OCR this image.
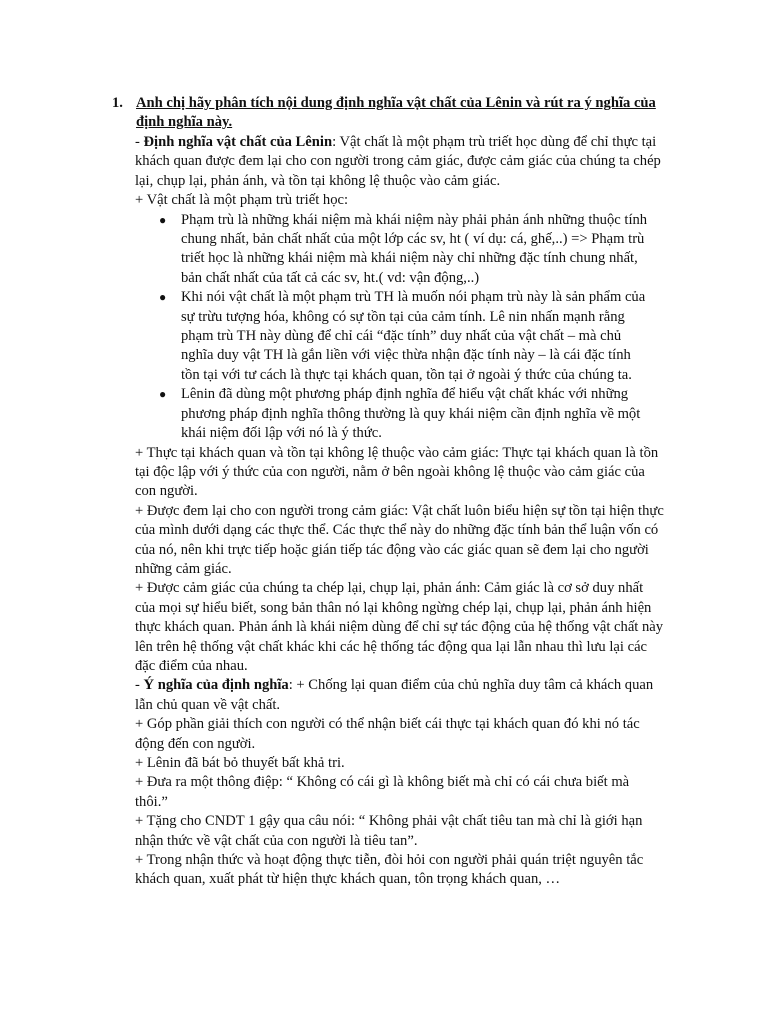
1. Anh chị hãy phân tích nội dung định nghĩa vật chất của Lênin và rút ra ý nghĩa của định nghĩa này.

- Định nghĩa vật chất của Lênin: Vật chất là một phạm trù triết học dùng để chỉ thực tại khách quan được đem lại cho con người trong cảm giác, được cảm giác của chúng ta chép lại, chụp lại, phản ánh, và tồn tại không lệ thuộc vào cảm giác.

+ Vật chất là một phạm trù triết học:

● Phạm trù là những khái niệm mà khái niệm này phải phản ánh những thuộc tính chung nhất, bản chất nhất của một lớp các sv, ht ( ví dụ: cá, ghế,..) => Phạm trù triết học là những khái niệm mà khái niệm này chỉ những đặc tính chung nhất, bản chất nhất của tất cả các sv, ht.( vd: vận động,..)
● Khi nói vật chất là một phạm trù TH là muốn nói phạm trù này là sản phẩm của sự trừu tượng hóa, không có sự tồn tại của cảm tính. Lê nin nhấn mạnh rằng phạm trù TH này dùng để chỉ cái “đặc tính” duy nhất của vật chất – mà chủ nghĩa duy vật TH là gắn liền với việc thừa nhận đặc tính này – là cái đặc tính tồn tại với tư cách là thực tại khách quan, tồn tại ở ngoài ý thức của chúng ta.
● Lênin đã dùng một phương pháp định nghĩa để hiểu vật chất khác với những phương pháp định nghĩa thông thường là quy khái niệm cần định nghĩa về một khái niệm đối lập với nó là ý thức.

+ Thực tại khách quan và tồn tại không lệ thuộc vào cảm giác: Thực tại khách quan là tồn tại độc lập với ý thức của con người, nằm ở bên ngoài không lệ thuộc vào cảm giác của con người.

+ Được đem lại cho con người trong cảm giác: Vật chất luôn biểu hiện sự tồn tại hiện thực của mình dưới dạng các thực thể. Các thực thể này do những đặc tính bản thể luận vốn có của nó, nên khi trực tiếp hoặc gián tiếp tác động vào các giác quan sẽ đem lại cho người những cảm giác.

+ Được cảm giác của chúng ta chép lại, chụp lại, phản ánh: Cảm giác là cơ sở duy nhất của mọi sự hiểu biết, song bản thân nó lại không ngừng chép lại, chụp lại, phản ánh hiện thực khách quan. Phản ánh là khái niệm dùng để chỉ sự tác động của hệ thống vật chất này lên trên hệ thống vật chất khác khi các hệ thống tác động qua lại lẫn nhau thì lưu lại các đặc điểm của nhau.

- Ý nghĩa của định nghĩa: + Chống lại quan điểm của chủ nghĩa duy tâm cả khách quan lẫn chủ quan về vật chất.

+ Góp phần giải thích con người có thể nhận biết cái thực tại khách quan đó khi nó tác động đến con người.

+ Lênin đã bát bỏ thuyết bất khả tri.

+ Đưa ra một thông điệp: “ Không có cái gì là không biết mà chỉ có cái chưa biết mà thôi.”

+ Tặng cho CNDT 1 gậy qua câu nói: “ Không phải vật chất tiêu tan mà chỉ là giới hạn nhận thức về vật chất của con người là tiêu tan”.

+ Trong nhận thức và hoạt động thực tiễn, đòi hỏi con người phải quán triệt nguyên tắc khách quan, xuất phát từ hiện thực khách quan, tôn trọng khách quan, …
